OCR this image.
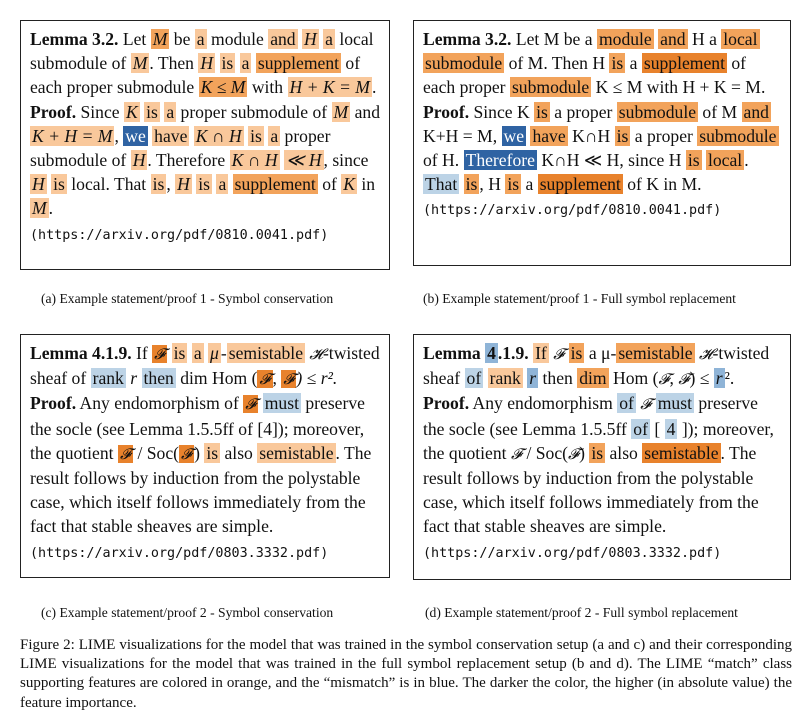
Lemma 3.2. Let M be a module and H a local submodule of M . Then H is a supplement of each proper submodule K ≤ M with H + K = M .

Proof. Since K is a proper submodule of M and K + H = M , we have K ∩ H is a proper submodule of H . Therefore K ∩ H ≪ H , since H is local. That is , H is a supplement of K in M .

(https://arxiv.org/pdf/0810.0041.pdf)

Lemma 3.2. Let M be a module and H a local submodule of M. Then H is a supplement of each proper submodule K ≤ M with H + K = M.

Proof. Since K is a proper submodule of M and K+H = M, we have K∩H is a proper submodule of H. Therefore K∩H ≪ H, since H is local . That is , H is a supplement of K in M.

(https://arxiv.org/pdf/0810.0041.pdf)

Lemma 4.1.9. If 𝓕 is a μ - semistable 𝓗-twisted sheaf of rank r then dim Hom ( 𝓕 , 𝓕 ) ≤ r².

Proof. Any endomorphism of 𝓕 must preserve the socle (see Lemma 1.5.5ff of [4]); moreover, the quotient 𝓕 / Soc( 𝓕 ) is also semistable . The result follows by induction from the polystable case, which itself follows immediately from the fact that stable sheaves are simple.

(https://arxiv.org/pdf/0803.3332.pdf)

Lemma 4 .1.9. If 𝓕 is a μ- semistable 𝓗-twisted sheaf of rank r then dim Hom (𝓕, 𝓕) ≤ r ².

Proof. Any endomorphism of 𝓕 must preserve the socle (see Lemma 1.5.5ff of [ 4 ]); moreover, the quotient 𝓕 / Soc(𝓕) is also semistable . The result follows by induction from the polystable case, which itself follows immediately from the fact that stable sheaves are simple.

(https://arxiv.org/pdf/0803.3332.pdf)

(a) Example statement/proof 1 - Symbol conservation	(b) Example statement/proof 1 - Full symbol replacement
(c) Example statement/proof 2 - Symbol conservation	(d) Example statement/proof 2 - Full symbol replacement
Figure 2: LIME visualizations for the model that was trained in the symbol conservation setup (a and c) and their corresponding LIME visualizations for the model that was trained in the full symbol replacement setup (b and d). The LIME “match” class supporting features are colored in orange, and the “mismatch” is in blue. The darker the color, the higher (in absolute value) the feature importance.
